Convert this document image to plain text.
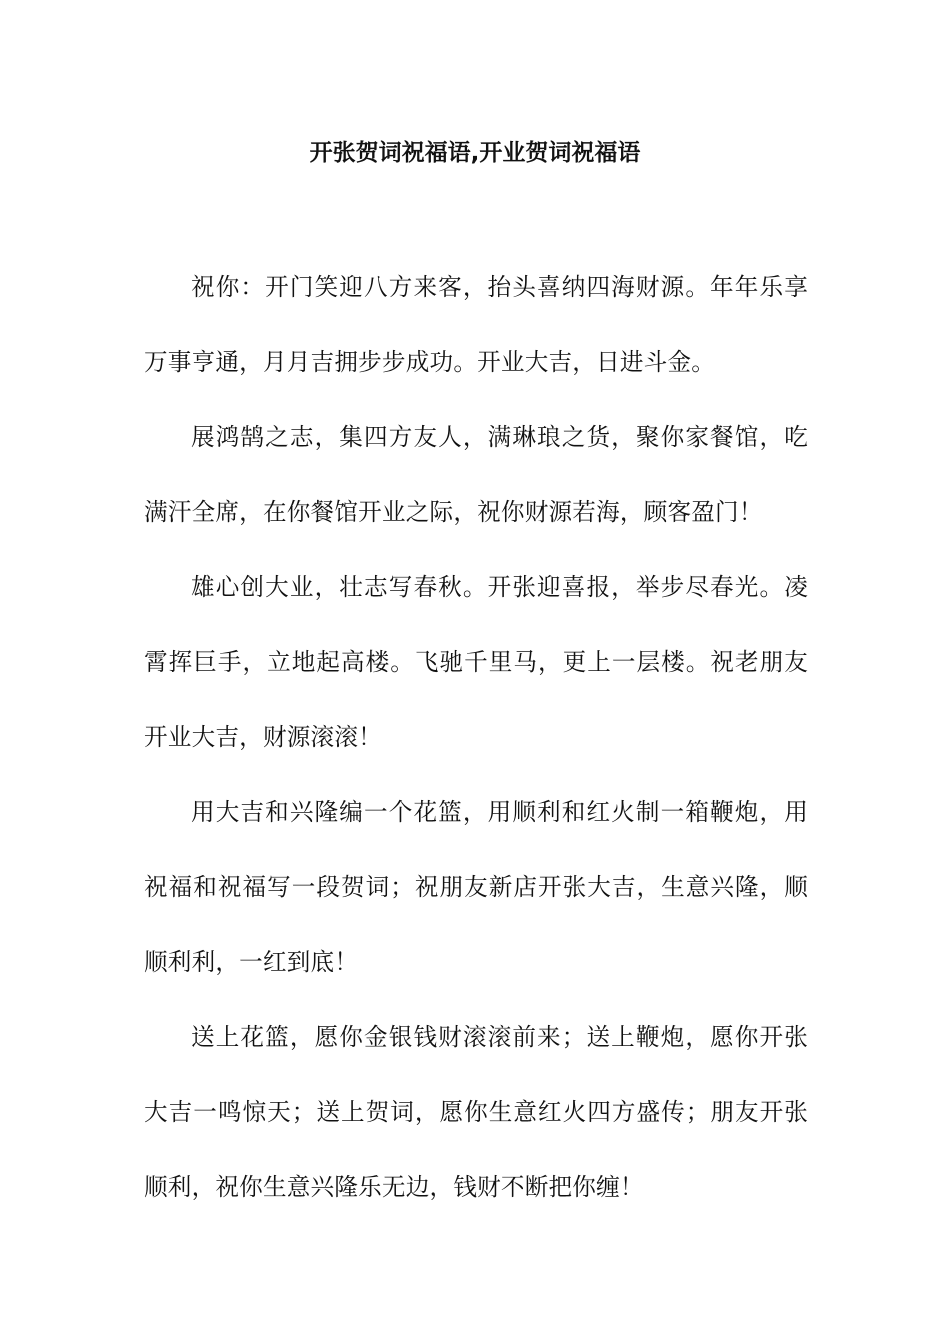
开张贺词祝福语,开业贺词祝福语

祝你：开门笑迎八方来客，抬头喜纳四海财源。年年乐享万事亨通，月月吉拥步步成功。开业大吉，日进斗金。

展鸿鹄之志，集四方友人，满琳琅之货，聚你家餐馆，吃满汗全席，在你餐馆开业之际，祝你财源若海，顾客盈门！

雄心创大业，壮志写春秋。开张迎喜报，举步尽春光。凌霄挥巨手，立地起高楼。飞驰千里马，更上一层楼。祝老朋友开业大吉，财源滚滚！

用大吉和兴隆编一个花篮，用顺利和红火制一箱鞭炮，用祝福和祝福写一段贺词；祝朋友新店开张大吉，生意兴隆，顺顺利利，一红到底！

送上花篮，愿你金银钱财滚滚前来；送上鞭炮，愿你开张大吉一鸣惊天；送上贺词，愿你生意红火四方盛传；朋友开张顺利，祝你生意兴隆乐无边，钱财不断把你缠！
